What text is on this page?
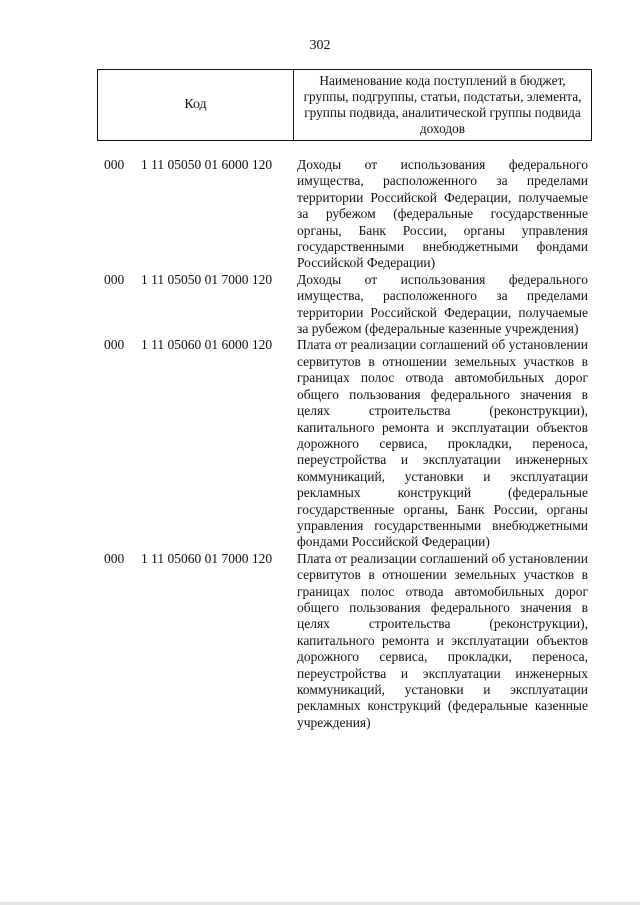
302
Код
Наименование кода поступлений в бюджет, группы, подгруппы, статьи, подстатьи, элемента, группы подвида, аналитической группы подвида доходов
000	1 11 05050 01 6000 120	Доходы от использования федерального имущества, расположенного за пределами территории Российской Федерации, получаемые за рубежом (федеральные государственные органы, Банк России, органы управления государственными внебюджетными фондами Российской Федерации)
000	1 11 05050 01 7000 120	Доходы от использования федерального имущества, расположенного за пределами территории Российской Федерации, получаемые за рубежом (федеральные казенные учреждения)
000	1 11 05060 01 6000 120	Плата от реализации соглашений об установлении сервитутов в отношении земельных участков в границах полос отвода автомобильных дорог общего пользования федерального значения в целях строительства (реконструкции), капитального ремонта и эксплуатации объектов дорожного сервиса, прокладки, переноса, переустройства и эксплуатации инженерных коммуникаций, установки и эксплуатации рекламных конструкций (федеральные государственные органы, Банк России, органы управления государственными внебюджетными фондами Российской Федерации)
000	1 11 05060 01 7000 120	Плата от реализации соглашений об установлении сервитутов в отношении земельных участков в границах полос отвода автомобильных дорог общего пользования федерального значения в целях строительства (реконструкции), капитального ремонта и эксплуатации объектов дорожного сервиса, прокладки, переноса, переустройства и эксплуатации инженерных коммуникаций, установки и эксплуатации рекламных конструкций (федеральные казенные учреждения)
